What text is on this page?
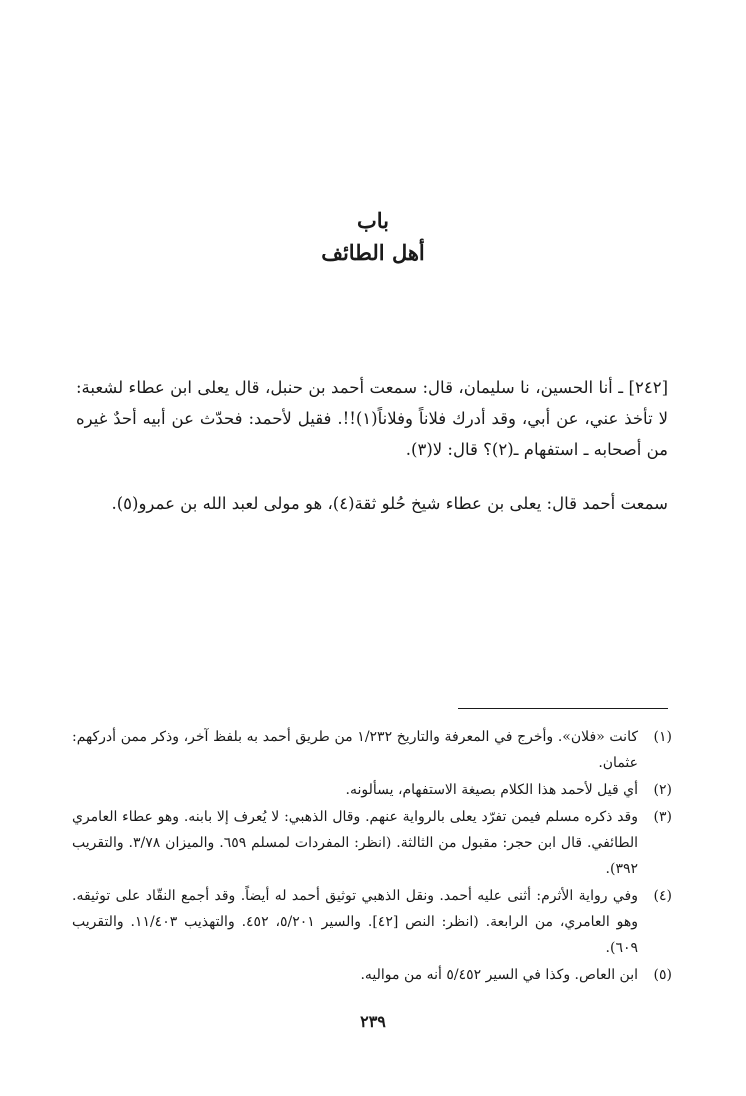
باب
أهل الطائف
[٢٤٢] ـ أنا الحسين، نا سليمان، قال: سمعت أحمد بن حنبل، قال يعلى ابن عطاء لشعبة: لا تأخذ عني، عن أبي، وقد أدرك فلاناً وفلاناً(١)!!. فقيل لأحمد: فحدّث عن أبيه أحدٌ غيره من أصحابه ـ استفهام ـ(٢)؟ قال: لا(٣).
سمعت أحمد قال: يعلى بن عطاء شيخ حُلو ثقة(٤)، هو مولى لعبد الله بن عمرو(٥).
(١)
كانت «فلان». وأخرج في المعرفة والتاريخ ١/٢٣٢ من طريق أحمد به بلفظ آخر، وذكر ممن أدركهم: عثمان.
(٢)
أي قيل لأحمد هذا الكلام بصيغة الاستفهام، يسألونه.
(٣)
وقد ذكره مسلم فيمن تفرّد يعلى بالرواية عنهم. وقال الذهبي: لا يُعرف إلا بابنه. وهو عطاء العامري الطائفي. قال ابن حجر: مقبول من الثالثة. (انظر: المفردات لمسلم ٦٥٩. والميزان ٣/٧٨. والتقريب ٣٩٢).
(٤)
وفي رواية الأثرم: أثنى عليه أحمد. ونقل الذهبي توثيق أحمد له أيضاً. وقد أجمع النقّاد على توثيقه. وهو العامري، من الرابعة. (انظر: النص [٤٢]. والسير ٥/٢٠١، ٤٥٢. والتهذيب ١١/٤٠٣. والتقريب ٦٠٩).
(٥)
ابن العاص. وكذا في السير ٥/٤٥٢ أنه من مواليه.
٢٣٩
